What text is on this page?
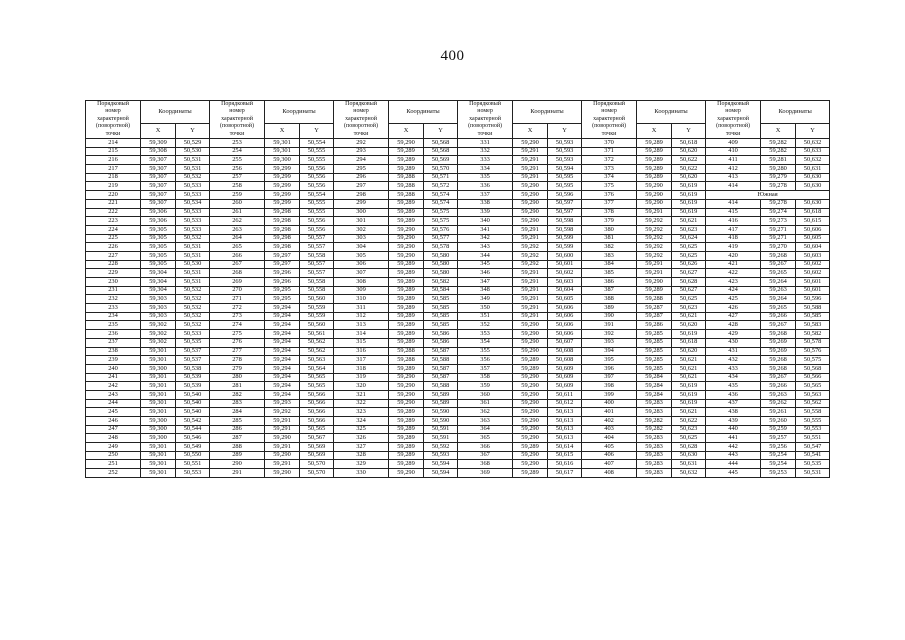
400
Порядковый
номер
характерной
(поворотной)
точки	Координаты		Порядковый
номер
характерной
(поворотной)
точки	Координаты		Порядковый
номер
характерной
(поворотной)
точки	Координаты		Порядковый
номер
характерной
(поворотной)
точки	Координаты		Порядковый
номер
характерной
(поворотной)
точки	Координаты		Порядковый
номер
характерной
(поворотной)
точки	Координаты	
	X	Y		X	Y		X	Y		X	Y		X	Y		X	Y
214	59,309	50,529	253	59,301	50,554	292	59,290	50,568	331	59,290	50,593	370	59,289	50,618	409	59,282	50,632
215	59,308	50,530	254	59,301	50,555	293	59,289	50,568	332	59,291	50,593	371	59,289	50,620	410	59,282	50,633
216	59,307	50,531	255	59,300	50,555	294	59,289	50,569	333	59,291	50,593	372	59,289	50,622	411	59,281	50,632
217	59,307	50,531	256	59,299	50,556	295	59,289	50,570	334	59,291	50,594	373	59,289	50,622	412	59,280	50,631
218	59,307	50,532	257	59,299	50,556	296	59,288	50,571	335	59,291	50,595	374	59,289	50,620	413	59,279	50,630
219	59,307	50,533	258	59,299	50,556	297	59,288	50,572	336	59,290	50,595	375	59,290	50,619	414	59,278	50,630
220	59,307	50,533	259	59,299	50,554	298	59,288	50,574	337	59,290	50,596	376	59,290	50,619	Южная		
221	59,307	50,534	260	59,299	50,555	299	59,289	50,574	338	59,290	50,597	377	59,290	50,619	414	59,278	50,630
222	59,306	50,533	261	59,298	50,555	300	59,289	50,575	339	59,290	50,597	378	59,291	50,619	415	59,274	50,618
223	59,306	50,533	262	59,298	50,556	301	59,289	50,575	340	59,290	50,598	379	59,292	50,621	416	59,273	50,615
224	59,305	50,533	263	59,298	50,556	302	59,290	50,576	341	59,291	50,598	380	59,292	50,623	417	59,271	50,606
225	59,305	50,532	264	59,298	50,557	303	59,290	50,577	342	59,291	50,599	381	59,292	50,624	418	59,271	50,605
226	59,305	50,531	265	59,298	50,557	304	59,290	50,578	343	59,292	50,599	382	59,292	50,625	419	59,270	50,604
227	59,305	50,531	266	59,297	50,558	305	59,290	50,580	344	59,292	50,600	383	59,292	50,625	420	59,268	50,603
228	59,305	50,530	267	59,297	50,557	306	59,289	50,580	345	59,292	50,601	384	59,291	50,626	421	59,267	50,602
229	59,304	50,531	268	59,296	50,557	307	59,289	50,580	346	59,291	50,602	385	59,291	50,627	422	59,265	50,602
230	59,304	50,531	269	59,296	50,558	308	59,289	50,582	347	59,291	50,603	386	59,290	50,628	423	59,264	50,601
231	59,304	50,532	270	59,295	50,558	309	59,289	50,584	348	59,291	50,604	387	59,289	50,627	424	59,263	50,601
232	59,303	50,532	271	59,295	50,560	310	59,289	50,585	349	59,291	50,605	388	59,288	50,625	425	59,264	50,596
233	59,303	50,532	272	59,294	50,559	311	59,289	50,585	350	59,291	50,606	389	59,287	50,623	426	59,265	50,588
234	59,303	50,532	273	59,294	50,559	312	59,289	50,585	351	59,291	50,606	390	59,287	50,621	427	59,266	50,585
235	59,302	50,532	274	59,294	50,560	313	59,289	50,585	352	59,290	50,606	391	59,286	50,620	428	59,267	50,583
236	59,302	50,533	275	59,294	50,561	314	59,289	50,586	353	59,290	50,606	392	59,285	50,619	429	59,268	50,582
237	59,302	50,535	276	59,294	50,562	315	59,289	50,586	354	59,290	50,607	393	59,285	50,618	430	59,269	50,578
238	59,301	50,537	277	59,294	50,562	316	59,288	50,587	355	59,290	50,608	394	59,285	50,620	431	59,269	50,576
239	59,301	50,537	278	59,294	50,563	317	59,288	50,588	356	59,289	50,608	395	59,285	50,621	432	59,268	50,575
240	59,300	50,538	279	59,294	50,564	318	59,289	50,587	357	59,289	50,609	396	59,285	50,621	433	59,268	50,568
241	59,301	50,539	280	59,294	50,565	319	59,290	50,587	358	59,290	50,609	397	59,284	50,621	434	59,267	50,566
242	59,301	50,539	281	59,294	50,565	320	59,290	50,588	359	59,290	50,609	398	59,284	50,619	435	59,266	50,565
243	59,301	50,540	282	59,294	50,566	321	59,290	50,589	360	59,290	50,611	399	59,284	50,619	436	59,263	50,563
244	59,301	50,540	283	59,293	50,566	322	59,290	50,589	361	59,290	50,612	400	59,283	50,619	437	59,262	50,562
245	59,301	50,540	284	59,292	50,566	323	59,289	50,590	362	59,290	50,613	401	59,283	50,621	438	59,261	50,558
246	59,300	50,542	285	59,291	50,566	324	59,289	50,590	363	59,290	50,613	402	59,282	50,622	439	59,260	50,555
247	59,300	50,544	286	59,291	50,565	325	59,289	50,591	364	59,290	50,613	403	59,282	50,623	440	59,259	50,553
248	59,300	50,546	287	59,290	50,567	326	59,289	50,591	365	59,290	50,613	404	59,283	50,625	441	59,257	50,551
249	59,301	50,549	288	59,291	50,569	327	59,289	50,592	366	59,289	50,614	405	59,283	50,628	442	59,256	50,547
250	59,301	50,550	289	59,290	50,569	328	59,289	50,593	367	59,290	50,615	406	59,283	50,630	443	59,254	50,541
251	59,301	50,551	290	59,291	50,570	329	59,289	50,594	368	59,290	50,616	407	59,283	50,631	444	59,254	50,535
252	59,301	50,553	291	59,290	50,570	330	59,290	50,594	369	59,289	50,617	408	59,283	50,632	445	59,253	50,531
